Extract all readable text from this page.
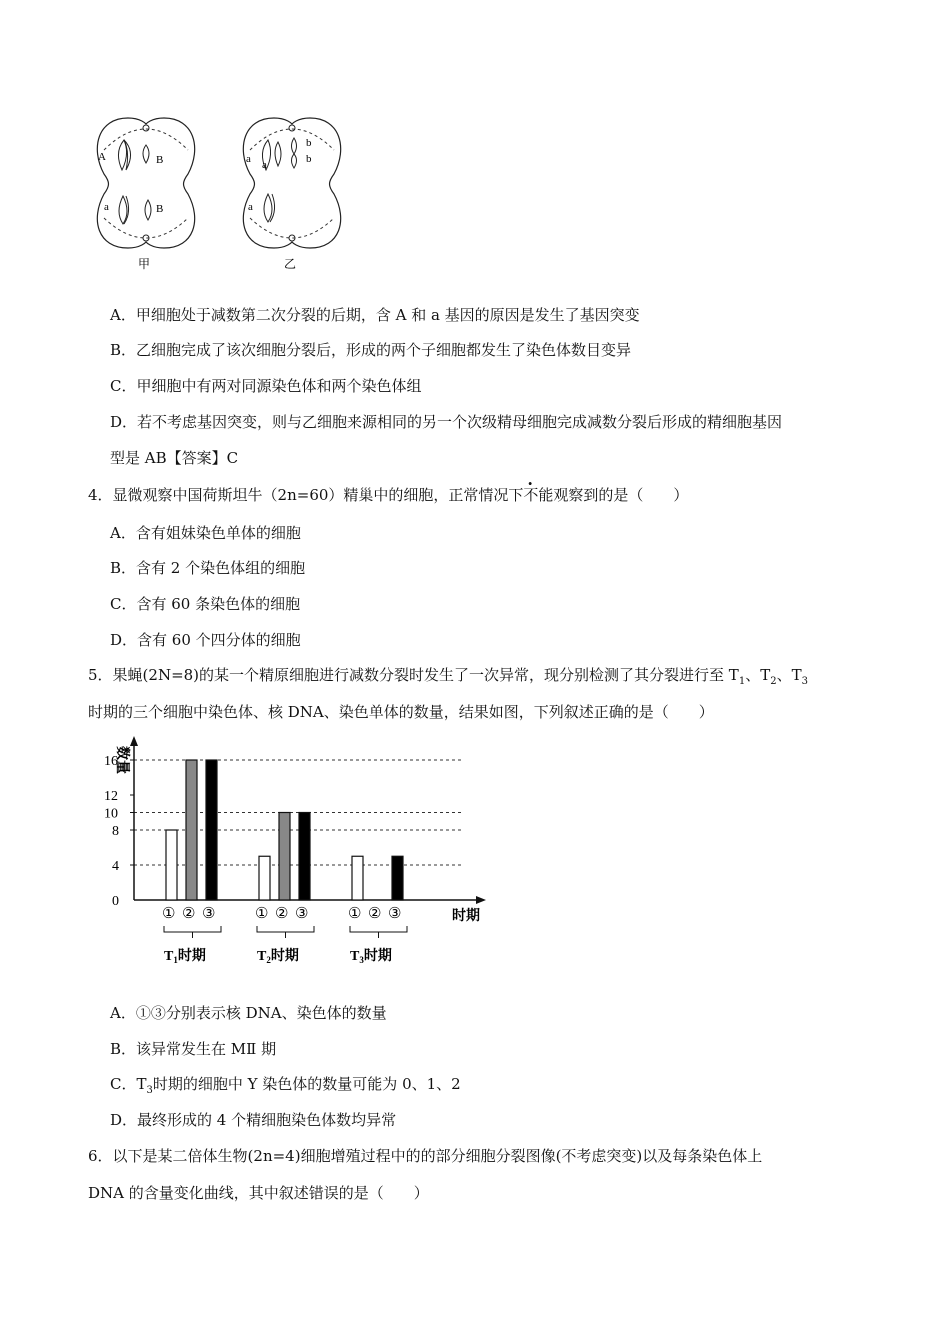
A	B
a	B
甲
a
b
b
a
a
乙
A．甲细胞处于减数第二次分裂的后期，含 A 和 a 基因的原因是发生了基因突变
B．乙细胞完成了该次细胞分裂后，形成的两个子细胞都发生了染色体数目变异
C．甲细胞中有两对同源染色体和两个染色体组
D．若不考虑基因突变，则与乙细胞来源相同的另一个次级精母细胞完成减数分裂后形成的精细胞基因
型是 AB【答案】C
4．显微观察中国荷斯坦牛（2n=60）精巢中的细胞，正常情况下不能观察到的是（　　）
A．含有姐妹染色单体的细胞
B．含有 2 个染色体组的细胞
C．含有 60 条染色体的细胞
D．含有 60 个四分体的细胞
5．果蝇(2N=8)的某一个精原细胞进行减数分裂时发生了一次异常，现分别检测了其分裂进行至 $T_1$、$T_2$、$T_3$
时期的三个细胞中染色体、核 DNA、染色单体的数量，结果如图，下列叙述正确的是（　　）
数量
时期
0
4
8
10
12
16
① ② ③
$T_1$时期
① ② ③
$T_2$时期
① ② ③
$T_3$时期
A．①③分别表示核 DNA、染色体的数量
B．该异常发生在 MⅡ 期
C．$T_3$时期的细胞中 Y 染色体的数量可能为 0、1、2
D．最终形成的 4 个精细胞染色体数均异常
6．以下是某二倍体生物(2n=4)细胞增殖过程中的的部分细胞分裂图像(不考虑突变)以及每条染色体上
DNA 的含量变化曲线，其中叙述错误的是（　　）
